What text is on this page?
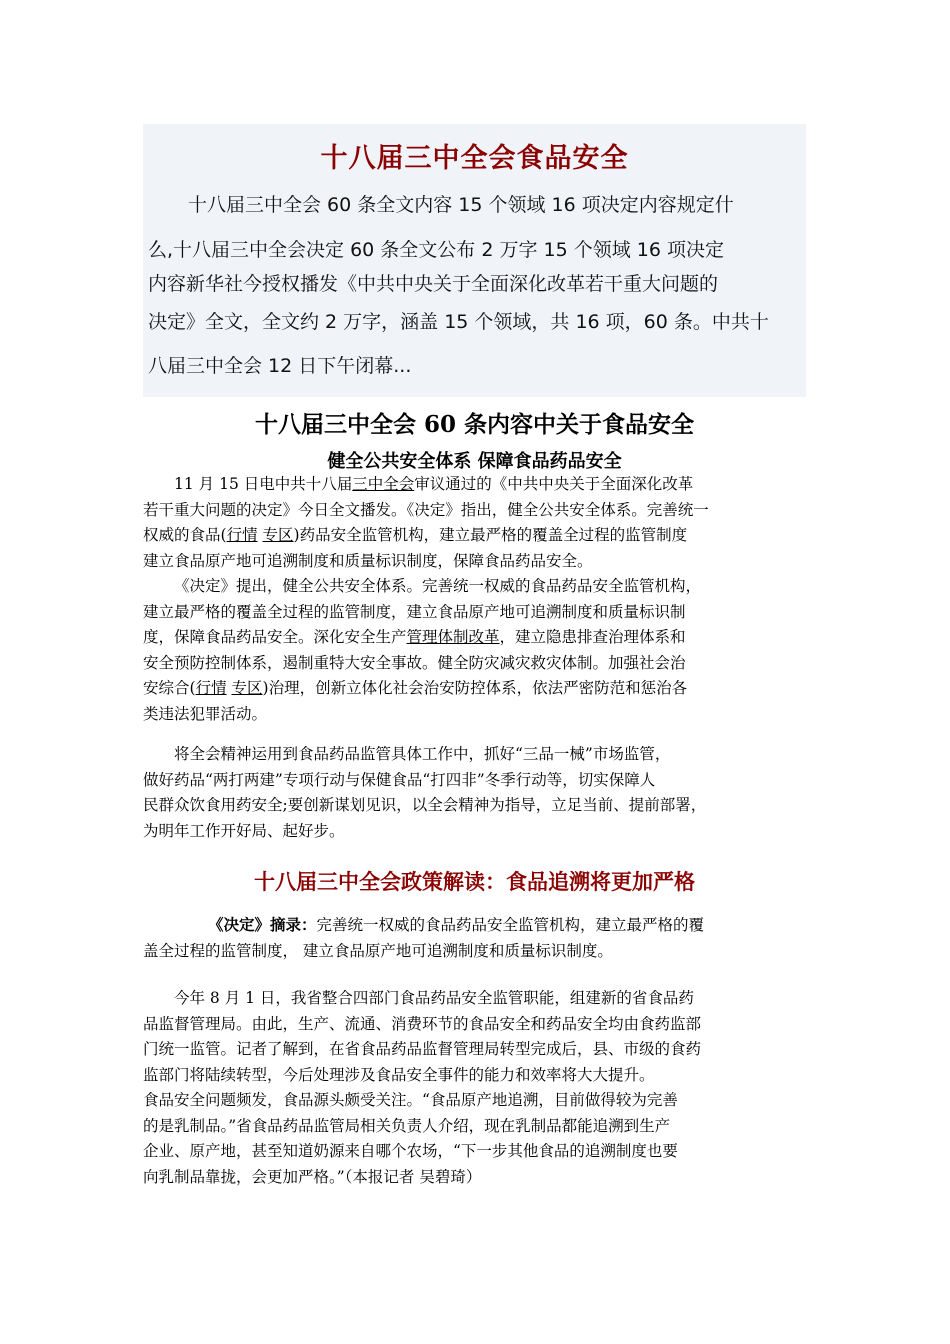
十八届三中全会食品安全
十八届三中全会 60 条全文内容 15 个领域 16 项决定内容规定什
么,十八届三中全会决定 60 条全文公布 2 万字 15 个领域 16 项决定
内容新华社今授权播发《中共中央关于全面深化改革若干重大问题的
决定》全文，全文约 2 万字，涵盖 15 个领域，共 16 项，60 条。中共十
八届三中全会 12 日下午闭幕...
十八届三中全会 60 条内容中关于食品安全
健全公共安全体系 保障食品药品安全
11 月 15 日电中共十八届三中全会审议通过的《中共中央关于全面深化改革
若干重大问题的决定》今日全文播发。《决定》指出，健全公共安全体系。完善统一
权威的食品(行情 专区)药品安全监管机构，建立最严格的覆盖全过程的监管制度
建立食品原产地可追溯制度和质量标识制度，保障食品药品安全。
《决定》提出，健全公共安全体系。完善统一权威的食品药品安全监管机构，
建立最严格的覆盖全过程的监管制度，建立食品原产地可追溯制度和质量标识制
度，保障食品药品安全。深化安全生产管理体制改革，建立隐患排查治理体系和
安全预防控制体系，遏制重特大安全事故。健全防灾减灾救灾体制。加强社会治
安综合(行情 专区)治理，创新立体化社会治安防控体系，依法严密防范和惩治各
类违法犯罪活动。
将全会精神运用到食品药品监管具体工作中，抓好“三品一械”市场监管，
做好药品“两打两建”专项行动与保健食品“打四非”冬季行动等，切实保障人
民群众饮食用药安全;要创新谋划见识，以全会精神为指导，立足当前、提前部署，
为明年工作开好局、起好步。
十八届三中全会政策解读：食品追溯将更加严格
《决定》摘录：完善统一权威的食品药品安全监管机构，建立最严格的覆
盖全过程的监管制度， 建立食品原产地可追溯制度和质量标识制度。
今年 8 月 1 日，我省整合四部门食品药品安全监管职能，组建新的省食品药
品监督管理局。由此，生产、流通、消费环节的食品安全和药品安全均由食药监部
门统一监管。记者了解到，在省食品药品监督管理局转型完成后，县、市级的食药
监部门将陆续转型，今后处理涉及食品安全事件的能力和效率将大大提升。
食品安全问题频发，食品源头颇受关注。“食品原产地追溯，目前做得较为完善
的是乳制品。”省食品药品监管局相关负责人介绍，现在乳制品都能追溯到生产
企业、原产地，甚至知道奶源来自哪个农场，“下一步其他食品的追溯制度也要
向乳制品靠拢，会更加严格。”（本报记者 吴碧琦）
